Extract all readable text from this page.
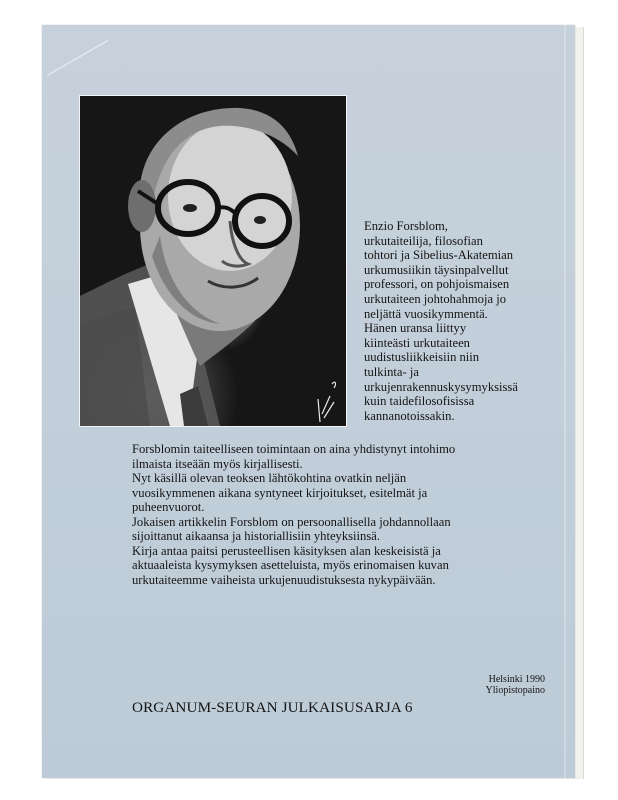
Enzio Forsblom,
urkutaiteilija, filosofian
tohtori ja Sibelius-Akatemian
urkumusiikin täysinpalvellut
professori, on pohjoismaisen
urkutaiteen johtohahmoja jo
neljättä vuosikymmentä.
Hänen uransa liittyy
kiinteästi urkutaiteen
uudistusliikkeisiin niin
tulkinta- ja
urkujenrakennuskysymyksissä
kuin taidefilosofisissa
kannanotoissakin.
Forsblomin taiteelliseen toimintaan on aina yhdistynyt intohimo
ilmaista itseään myös kirjallisesti.
Nyt käsillä olevan teoksen lähtökohtina ovatkin neljän
vuosikymmenen aikana syntyneet kirjoitukset, esitelmät ja
puheenvuorot.
Jokaisen artikkelin Forsblom on persoonallisella johdannollaan
sijoittanut aikaansa ja historiallisiin yhteyksiinsä.
Kirja antaa paitsi perusteellisen käsityksen alan keskeisistä ja
aktuaaleista kysymyksen asetteluista, myös erinomaisen kuvan
urkutaiteemme vaiheista urkujenuudistuksesta nykypäivään.
ORGANUM-SEURAN JULKAISUSARJA 6
Helsinki 1990
Yliopistopaino
